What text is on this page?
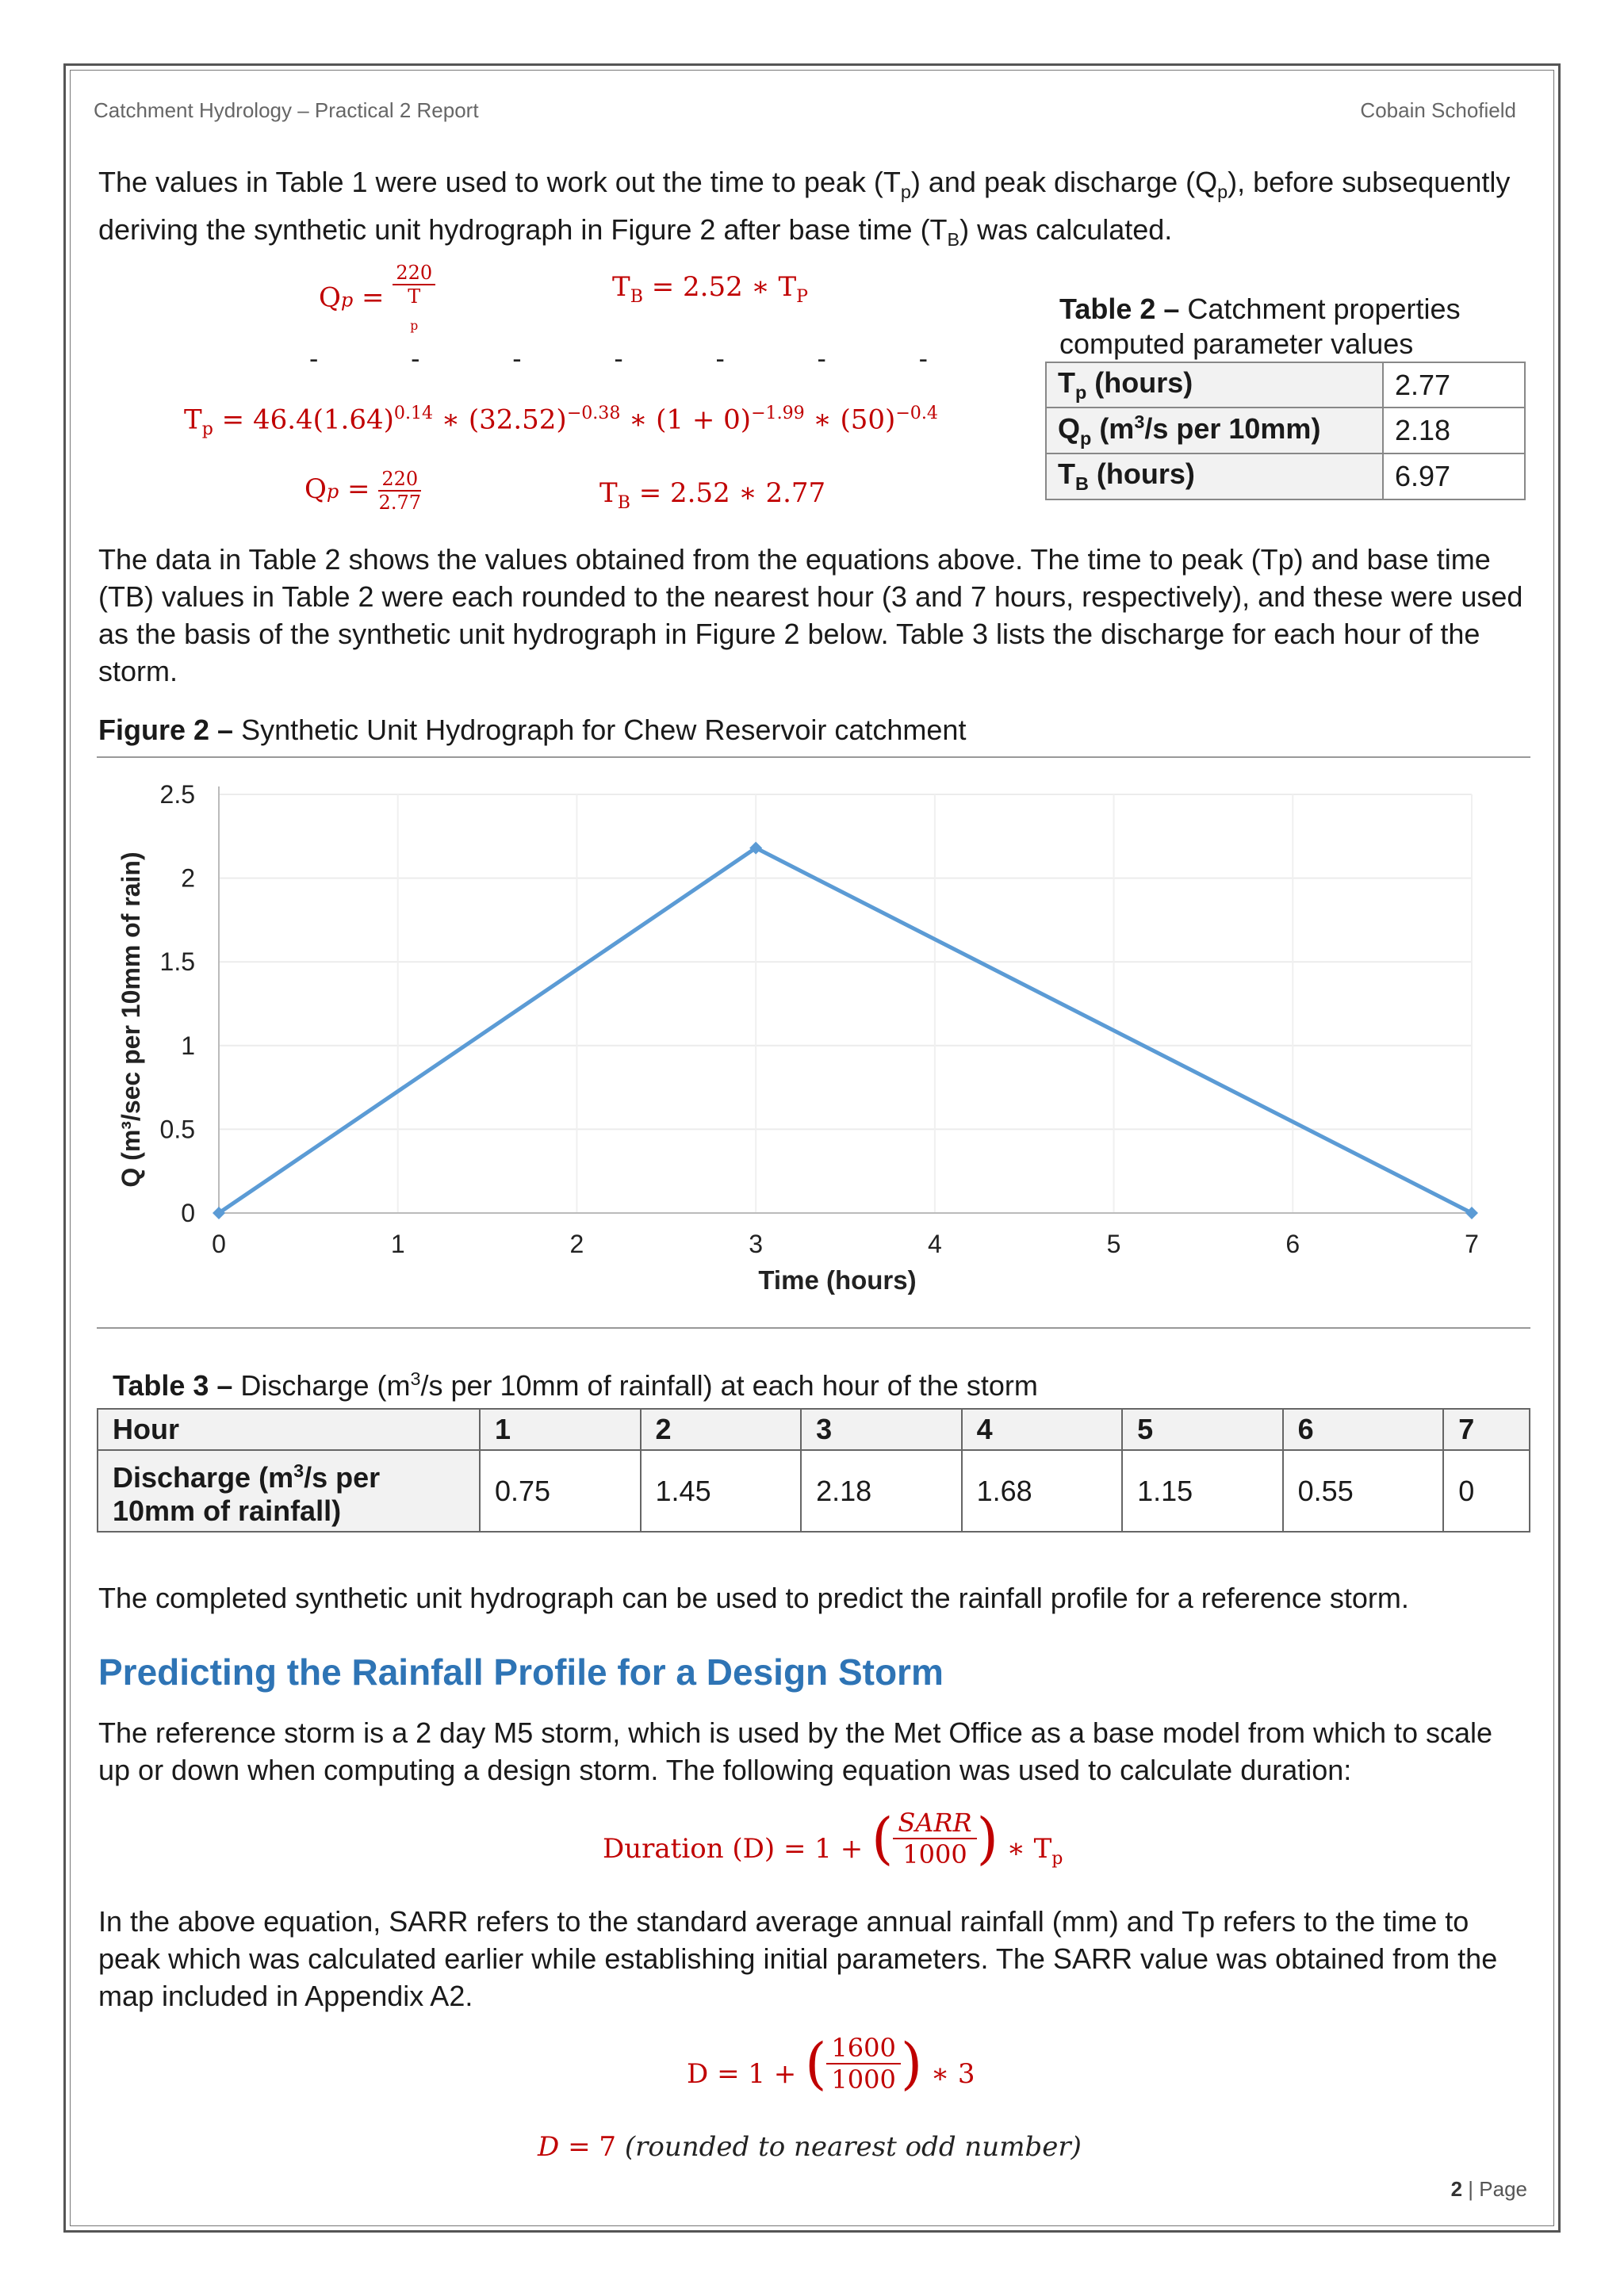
Catchment Hydrology – Practical 2 Report	Cobain Schofield

The values in Table 1 were used to work out the time to peak $(T_p)$ and peak discharge $(Q_p)$, before subsequently deriving the synthetic unit hydrograph in Figure 2 after base time $(T_B)$ was calculated.

Qp = 220
T
$_p$	$T_B = 2.52$ ∗ $T_P$
-	-	-	-	-	-	-
$T_p = 46.4(1.64)^{0.14}$ ∗ $(32.52)^{-0.38}$ ∗ $(1 + 0)^{-1.99}$ ∗ $(50)^{-0.4}$
$Qp = \frac{220}{2.77}$	$T_B = 2.52$ ∗ 2.77
Table 2 – Catchment properties computed parameter values
$T_p$ (hours)	2.77
$Q_p$ ($m^3/s$ per 10mm)	2.18
$T_B$ (hours)	6.97

The data in Table 2 shows the values obtained from the equations above. The time to peak (Tp) and base time (TB) values in Table 2 were each rounded to the nearest hour (3 and 7 hours, respectively), and these were used as the basis of the synthetic unit hydrograph in Figure 2 below. Table 3 lists the discharge for each hour of the storm.

Figure 2 – Synthetic Unit Hydrograph for Chew Reservoir catchment
0
0.5
1
1.5
2
2.5
0	1	2	3	4	5	6	7
Time (hours)
Q (m³/sec per 10mm of rain)
Table 3 – Discharge ($m^3/s$ per 10mm of rainfall) at each hour of the storm
Hour	1	2	3	4	5	6	7
Discharge ($m^3/s$ per 10mm of rainfall)	0.75	1.45	2.18	1.68	1.15	0.55	0

The completed synthetic unit hydrograph can be used to predict the rainfall profile for a reference storm.

Predicting the Rainfall Profile for a Design Storm

The reference storm is a 2 day M5 storm, which is used by the Met Office as a base model from which to scale up or down when computing a design storm. The following equation was used to calculate duration:

Duration (D) = 1 + ( $\frac{\text{SARR}}{1000}$ ) ∗ $T_p$

In the above equation, SARR refers to the standard average annual rainfall (mm) and Tp refers to the time to peak which was calculated earlier while establishing initial parameters. The SARR value was obtained from the map included in Appendix A2.

D = 1 + ( $\frac{1600}{1000}$ ) ∗ 3
D = 7 (rounded to nearest odd number)
2 | Page
